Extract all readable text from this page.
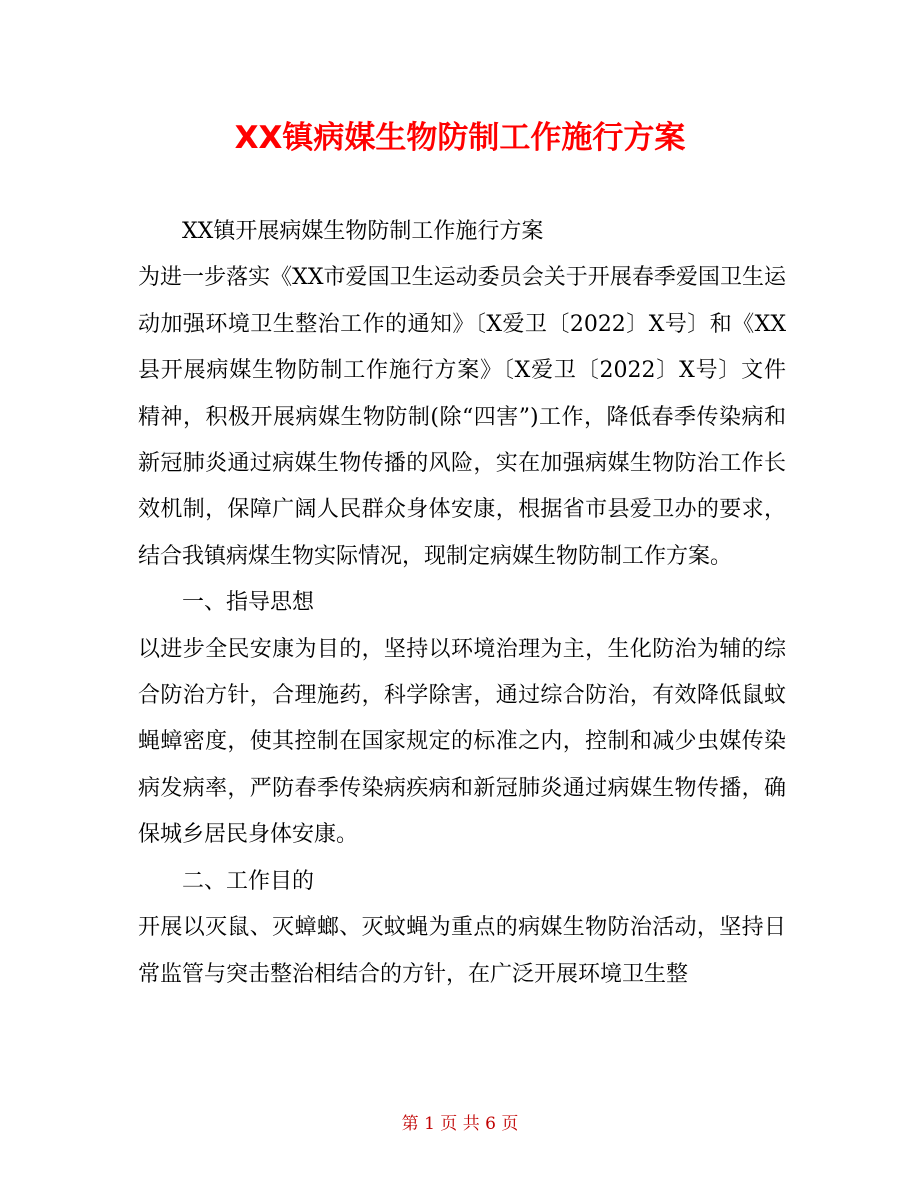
XX镇病媒生物防制工作施行方案

XX镇开展病媒生物防制工作施行方案

为进一步落实《XX市爱国卫生运动委员会关于开展春季爱国卫生运动加强环境卫生整治工作的通知》〔X爱卫〔2022〕X号〕和《XX县开展病媒生物防制工作施行方案》〔X爱卫〔2022〕X号〕文件精神，积极开展病媒生物防制(除“四害”)工作，降低春季传染病和新冠肺炎通过病媒生物传播的风险，实在加强病媒生物防治工作长效机制，保障广阔人民群众身体安康，根据省市县爱卫办的要求，结合我镇病煤生物实际情况，现制定病媒生物防制工作方案。

一、指导思想

以进步全民安康为目的，坚持以环境治理为主，生化防治为辅的综合防治方针，合理施药，科学除害，通过综合防治，有效降低鼠蚊蝇蟑密度，使其控制在国家规定的标准之内，控制和减少虫媒传染病发病率，严防春季传染病疾病和新冠肺炎通过病媒生物传播，确保城乡居民身体安康。

二、工作目的

开展以灭鼠、灭蟑螂、灭蚊蝇为重点的病媒生物防治活动，坚持日常监管与突击整治相结合的方针，在广泛开展环境卫生整

第 1 页 共 6 页
